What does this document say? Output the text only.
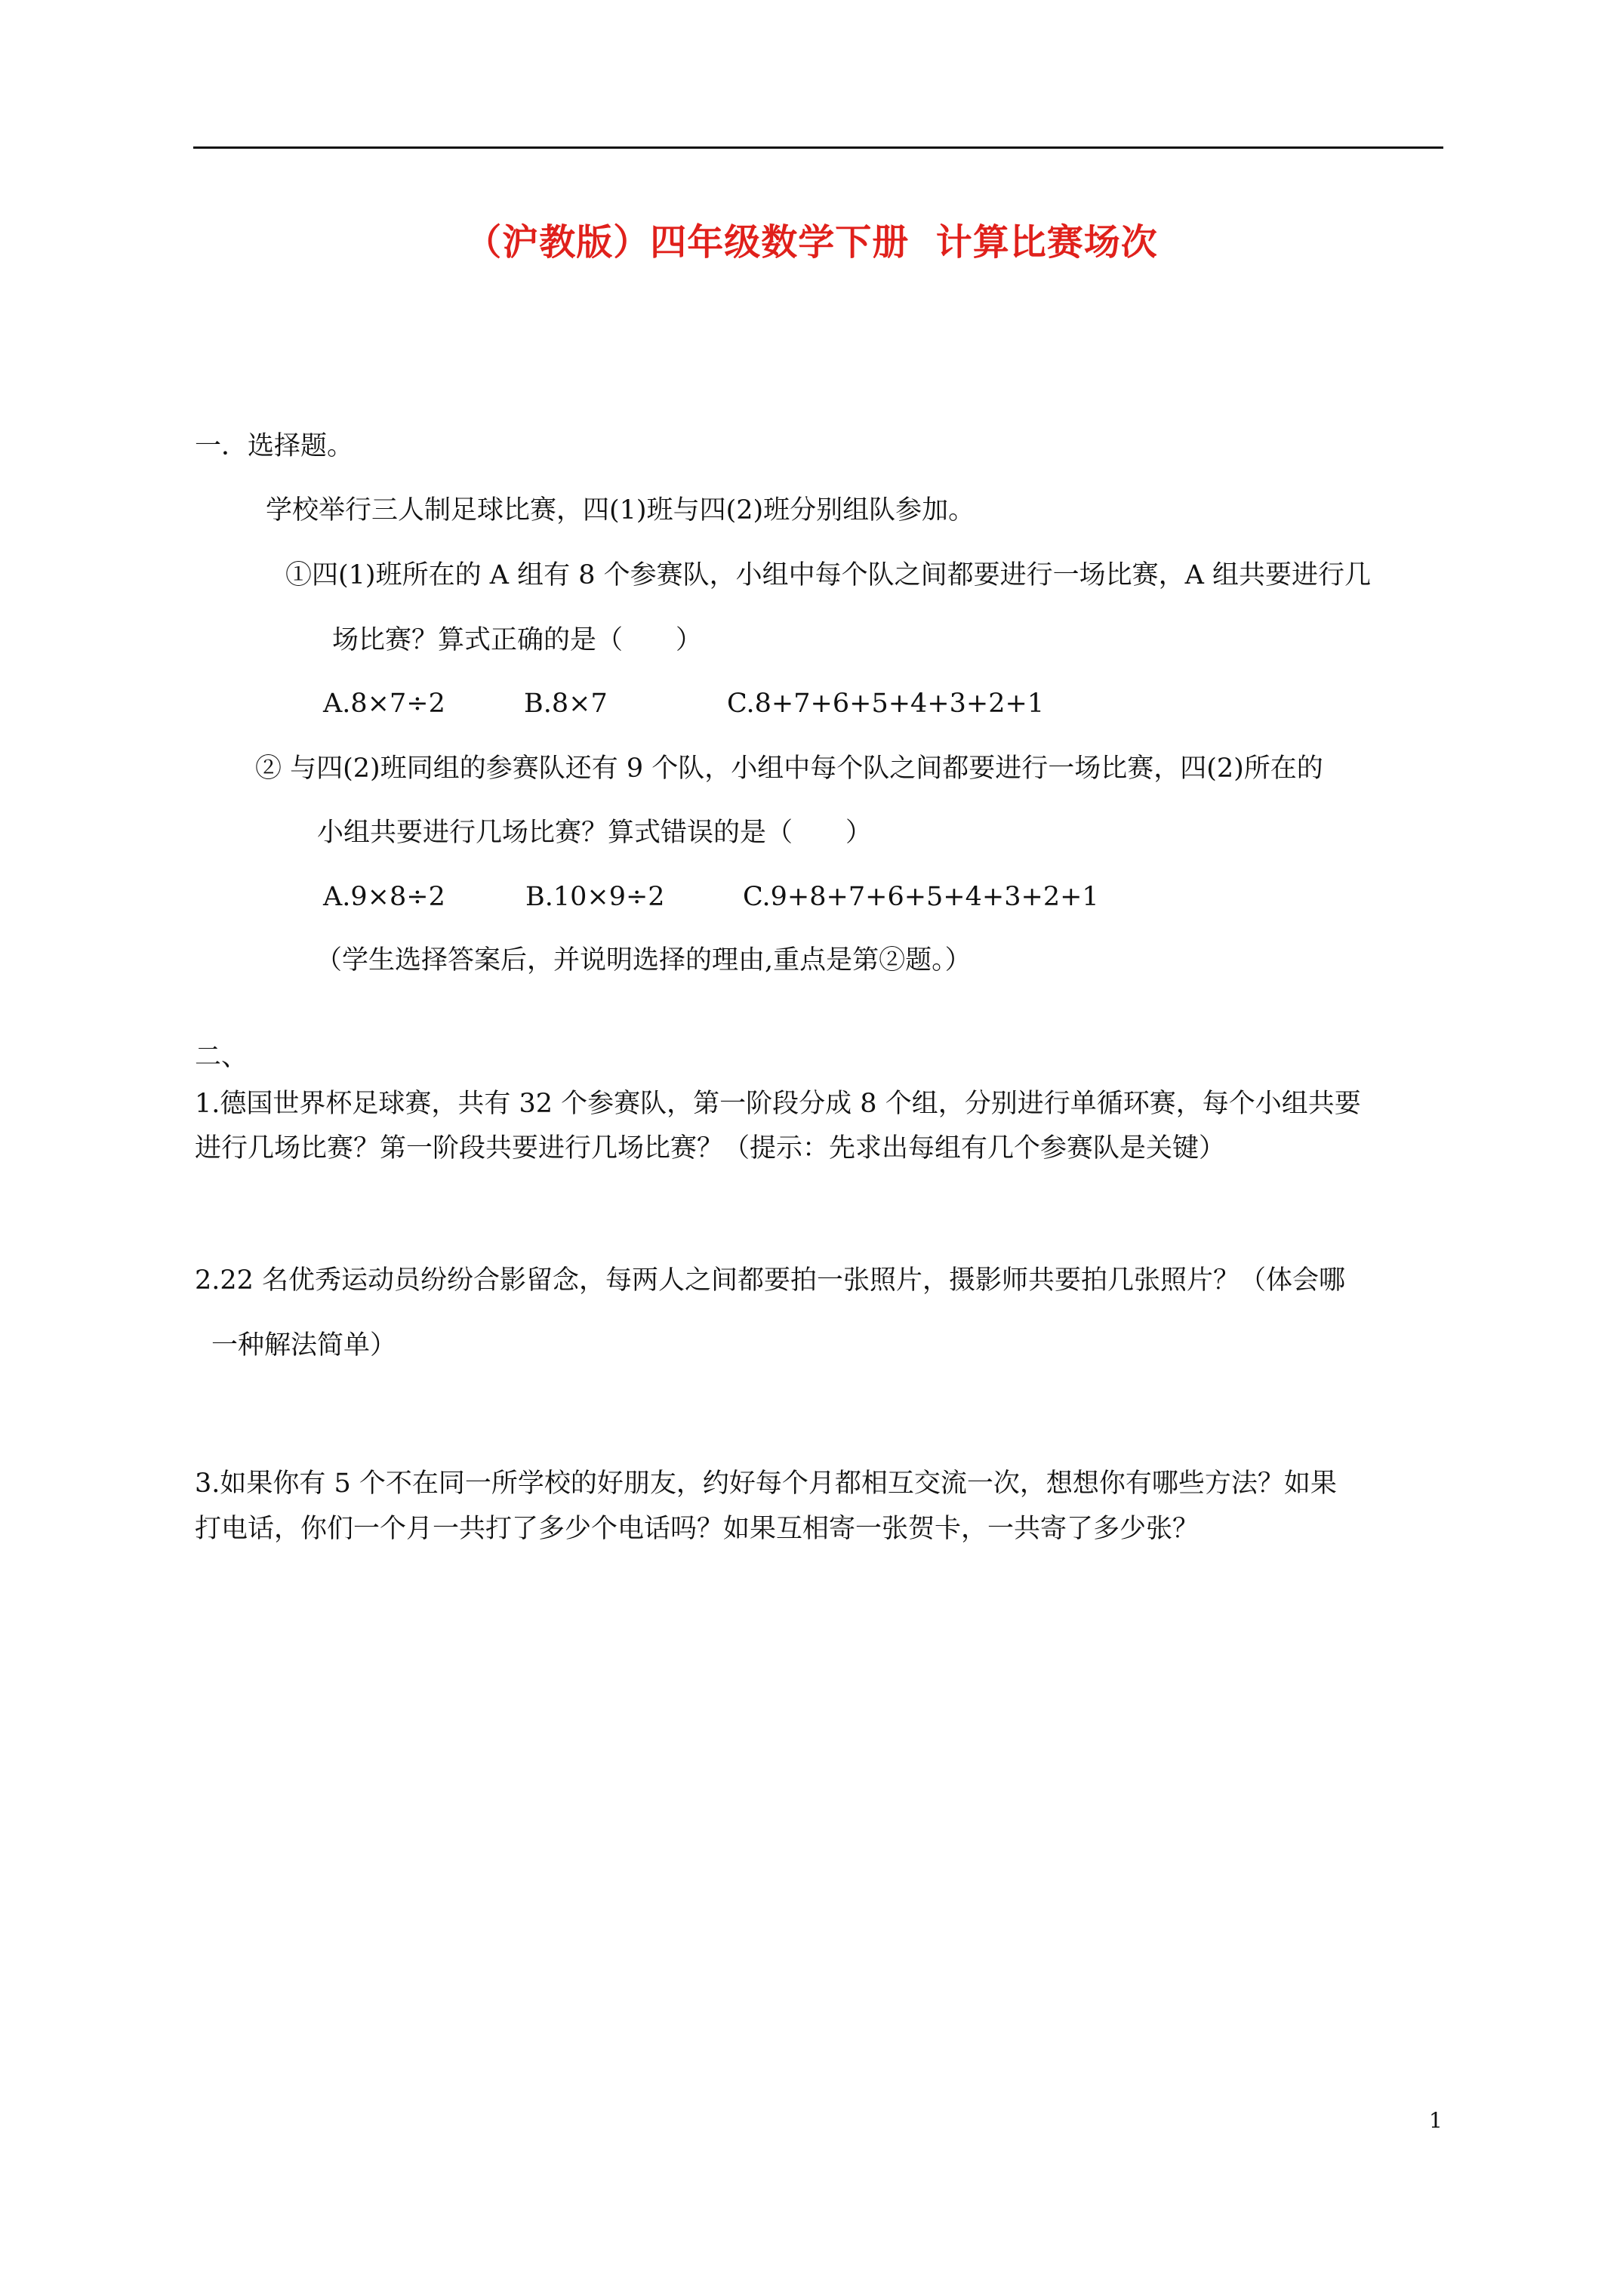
（沪教版）四年级数学下册  计算比赛场次
一．选择题。
学校举行三人制足球比赛，四(1)班与四(2)班分别组队参加。
①四(1)班所在的 A 组有 8 个参赛队，小组中每个队之间都要进行一场比赛，A 组共要进行几
场比赛？算式正确的是（　　）
A.8×7÷2	B.8×7	C.8+7+6+5+4+3+2+1
② 与四(2)班同组的参赛队还有 9 个队，小组中每个队之间都要进行一场比赛，四(2)所在的
小组共要进行几场比赛？算式错误的是（　　）
A.9×8÷2	B.10×9÷2	C.9+8+7+6+5+4+3+2+1
（学生选择答案后，并说明选择的理由,重点是第②题。）
二、
1.德国世界杯足球赛，共有 32 个参赛队，第一阶段分成 8 个组，分别进行单循环赛，每个小组共要
进行几场比赛？第一阶段共要进行几场比赛？（提示：先求出每组有几个参赛队是关键）
2.22 名优秀运动员纷纷合影留念，每两人之间都要拍一张照片，摄影师共要拍几张照片？（体会哪
一种解法简单）
3.如果你有 5 个不在同一所学校的好朋友，约好每个月都相互交流一次，想想你有哪些方法？如果
打电话，你们一个月一共打了多少个电话吗？如果互相寄一张贺卡，一共寄了多少张？
1
